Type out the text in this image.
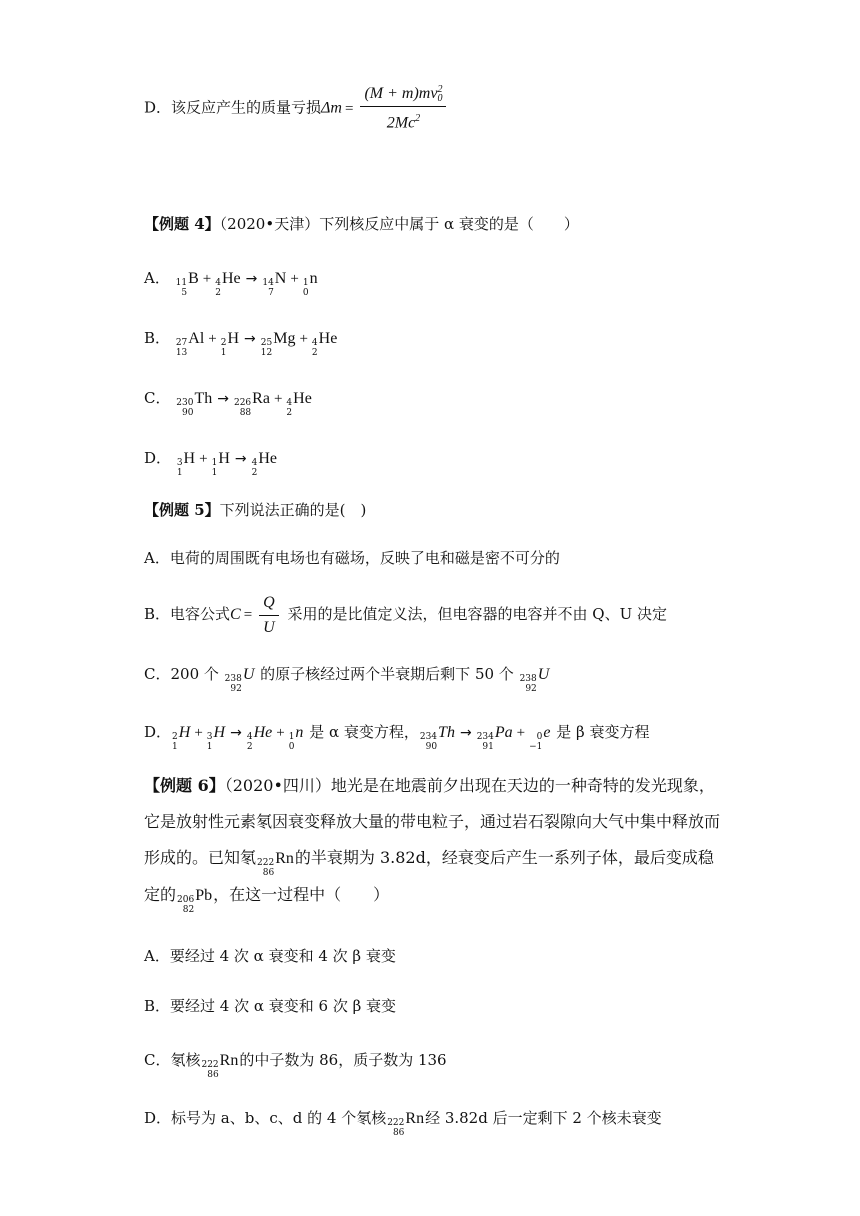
D．该反应产生的质量亏损Δm = (M + m)mv 2
0
2Mc$^2$
【例题 4】（2020•天津）下列核反应中属于 α 衰变的是（　　）
A． 11
5
B + 4
2
He → 14
7
N + 1
0
n
B． 27
13
Al + 2
1
H → 25
12
Mg + 4
2
He
C． 230
90
Th → 226
88
Ra + 4
2
He
D． 3
1
H + 1
1
H → 4
2
He
【例题 5】下列说法正确的是(　)
A．电荷的周围既有电场也有磁场，反映了电和磁是密不可分的
B．电容公式$C = \frac{Q}{U}$ 采用的是比值定义法，但电容器的电容并不由 Q、U 决定
C．200 个 238
92
U 的原子核经过两个半衰期后剩下 50 个 238
92
U
D． 2
1
H + 3
1
H → 4
2
He + 1
0
n 是 α 衰变方程， 234
90
Th → 234
91
Pa + 0
−1
e 是 β 衰变方程
【例题 6】（2020•四川）地光是在地震前夕出现在天边的一种奇特的发光现象，它是放射性元素氡因衰变释放大量的带电粒子，通过岩石裂隙向大气中集中释放而形成的。已知氡 222
86
Rn 的半衰期为 3.82d，经衰变后产生一系列子体，最后变成稳定的 206
82
Pb ，在这一过程中（　　）
A．要经过 4 次 α 衰变和 4 次 β 衰变
B．要经过 4 次 α 衰变和 6 次 β 衰变
C．氡核 222
86
Rn 的中子数为 86，质子数为 136
D．标号为 a、b、c、d 的 4 个氡核 222
86
Rn 经 3.82d 后一定剩下 2 个核未衰变
